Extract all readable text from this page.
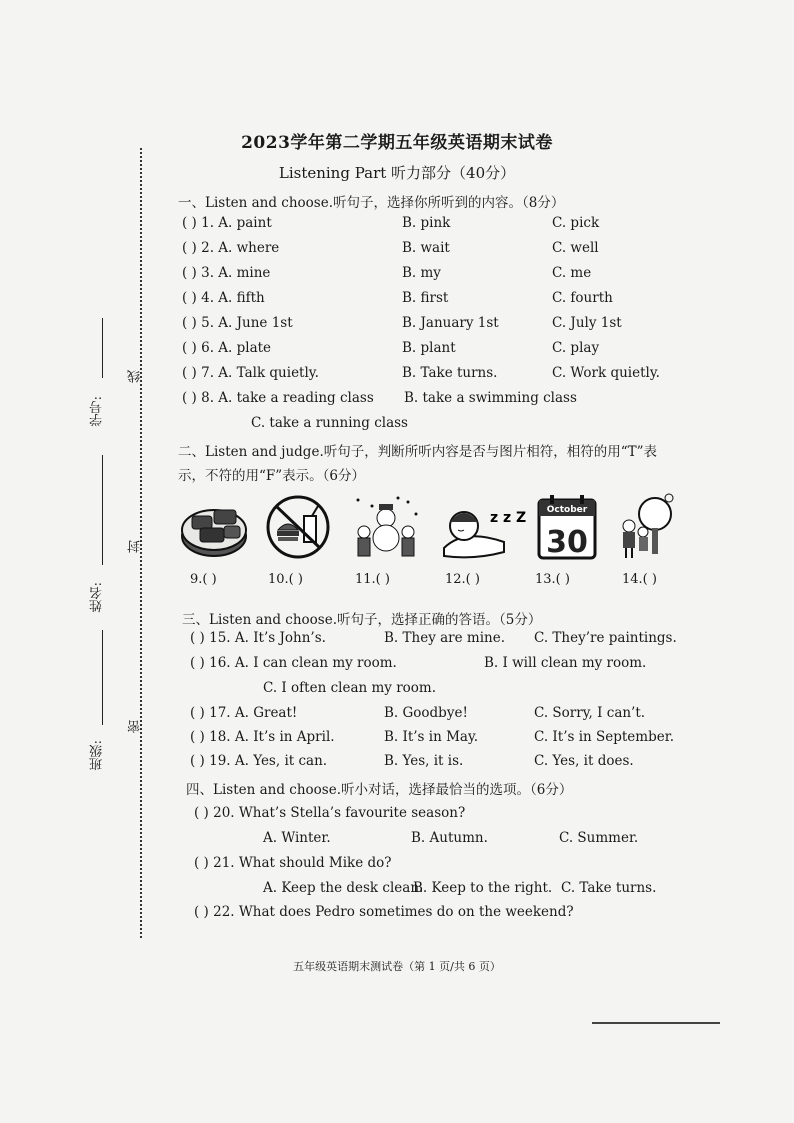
学号:
姓名:
班级:
线
封
密
2023学年第二学期五年级英语期末试卷
Listening Part 听力部分（40分）
一、Listen and choose.听句子，选择你所听到的内容。（8分）
( ) 1. A. paint	B. pink	C. pick
( ) 2. A. where	B. wait	C. well
( ) 3. A. mine	B. my	C. me
( ) 4. A. fifth	B. first	C. fourth
( ) 5. A. June 1st	B. January 1st	C. July 1st
( ) 6. A. plate	B. plant	C. play
( ) 7. A. Talk quietly.	B. Take turns.	C. Work quietly.
( ) 8. A. take a reading class B. take a swimming class
C. take a running class
二、Listen and judge.听句子，判断所听内容是否与图片相符，相符的用“T”表
示，不符的用“F”表示。（6分）
z z Z October
30
9.( )	10.( )	11.( )	12.( )	13.( )	14.( )
三、Listen and choose.听句子，选择正确的答语。（5分）
( ) 15. A. It’s John’s.	B. They are mine. C. They’re paintings.
( ) 16. A. I can clean my room.	B. I will clean my room.
C. I often clean my room.
( ) 17. A. Great!	B. Goodbye!	C. Sorry, I can’t.
( ) 18. A. It’s in April.	B. It’s in May.	C. It’s in September.
( ) 19. A. Yes, it can.	B. Yes, it is.	C. Yes, it does.
四、Listen and choose.听小对话，选择最恰当的选项。（6分）
( ) 20. What’s Stella’s favourite season?
A. Winter.	B. Autumn.	C. Summer.
( ) 21. What should Mike do?
A. Keep the desk clean.
B. Keep to the right. C. Take turns.
( ) 22. What does Pedro sometimes do on the weekend?
五年级英语期末测试卷（第 1 页/共 6 页）
